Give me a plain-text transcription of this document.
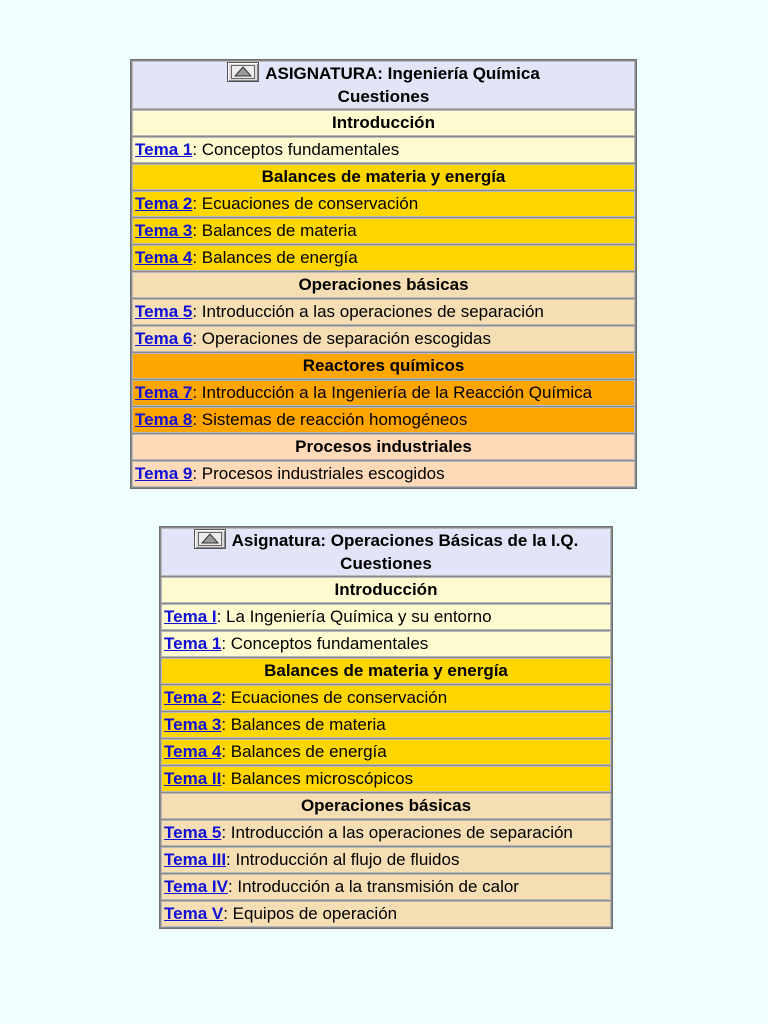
ASIGNATURA: Ingeniería Química
Cuestiones
Introducción
Tema 1: Conceptos fundamentales
Balances de materia y energía
Tema 2: Ecuaciones de conservación
Tema 3: Balances de materia
Tema 4: Balances de energía
Operaciones básicas
Tema 5: Introducción a las operaciones de separación
Tema 6: Operaciones de separación escogidas
Reactores químicos
Tema 7: Introducción a la Ingeniería de la Reacción Química
Tema 8: Sistemas de reacción homogéneos
Procesos industriales
Tema 9: Procesos industriales escogidos
Asignatura: Operaciones Básicas de la I.Q.
Cuestiones
Introducción
Tema I: La Ingeniería Química y su entorno
Tema 1: Conceptos fundamentales
Balances de materia y energía
Tema 2: Ecuaciones de conservación
Tema 3: Balances de materia
Tema 4: Balances de energía
Tema II: Balances microscópicos
Operaciones básicas
Tema 5: Introducción a las operaciones de separación
Tema III: Introducción al flujo de fluidos
Tema IV: Introducción a la transmisión de calor
Tema V: Equipos de operación
